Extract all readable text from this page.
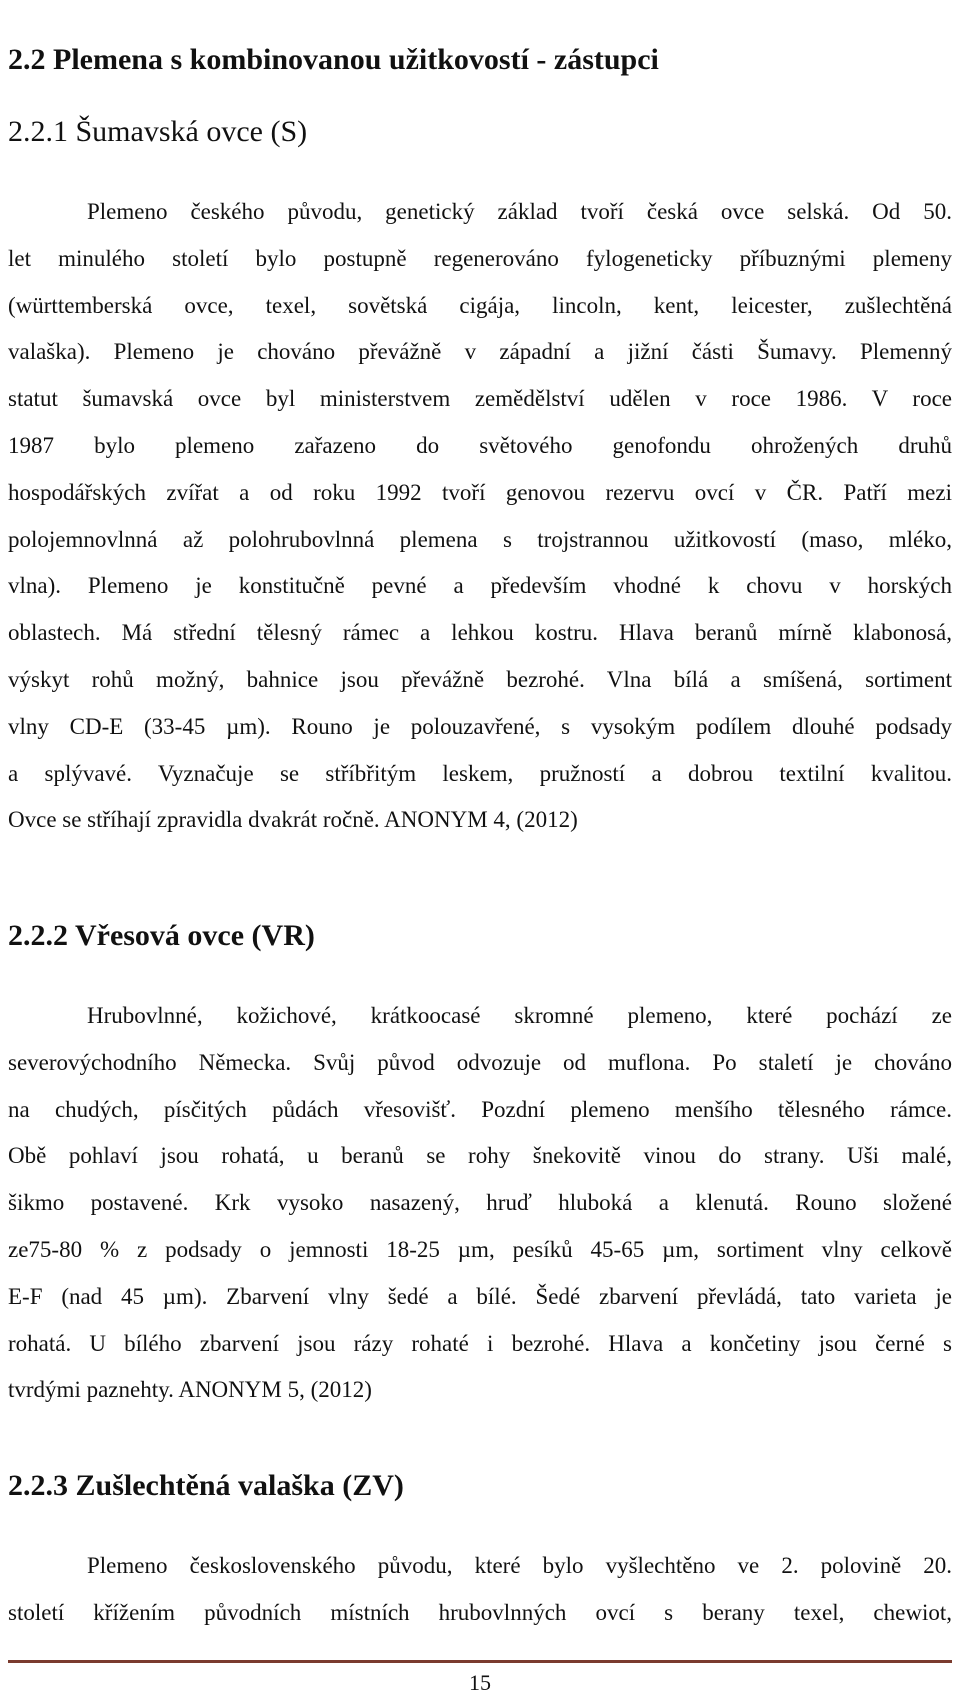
2.2 Plemena s kombinovanou užitkovostí - zástupci
2.2.1 Šumavská ovce (S)
Plemeno českého původu, genetický základ tvoří česká ovce selská. Od 50.
let minulého století bylo postupně regenerováno fylogeneticky příbuznými plemeny
(württemberská ovce, texel, sovětská cigája, lincoln, kent, leicester, zušlechtěná
valaška). Plemeno je chováno převážně v západní a jižní části Šumavy. Plemenný
statut šumavská ovce byl ministerstvem zemědělství udělen v roce 1986. V roce
1987 bylo plemeno zařazeno do světového genofondu ohrožených druhů
hospodářských zvířat a od roku 1992 tvoří genovou rezervu ovcí v ČR. Patří mezi
polojemnovlnná až polohrubovlnná plemena s trojstrannou užitkovostí (maso, mléko,
vlna). Plemeno je konstitučně pevné a především vhodné k chovu v horských
oblastech. Má střední tělesný rámec a lehkou kostru. Hlava beranů mírně klabonosá,
výskyt rohů možný, bahnice jsou převážně bezrohé. Vlna bílá a smíšená, sortiment
vlny CD-E (33-45 µm). Rouno je polouzavřené, s vysokým podílem dlouhé podsady
a splývavé. Vyznačuje se stříbřitým leskem, pružností a dobrou textilní kvalitou.
Ovce se stříhají zpravidla dvakrát ročně. ANONYM 4, (2012)
2.2.2 Vřesová ovce (VR)
Hrubovlnné, kožichové, krátkoocasé skromné plemeno, které pochází ze
severovýchodního Německa. Svůj původ odvozuje od muflona. Po staletí je chováno
na chudých, písčitých půdách vřesovišť. Pozdní plemeno menšího tělesného rámce.
Obě pohlaví jsou rohatá, u beranů se rohy šnekovitě vinou do strany. Uši malé,
šikmo postavené. Krk vysoko nasazený, hruď hluboká a klenutá. Rouno složené
ze75-80 % z podsady o jemnosti 18-25 µm, pesíků 45-65 µm, sortiment vlny celkově
E-F (nad 45 µm). Zbarvení vlny šedé a bílé. Šedé zbarvení převládá, tato varieta je
rohatá. U bílého zbarvení jsou rázy rohaté i bezrohé. Hlava a končetiny jsou černé s
tvrdými paznehty. ANONYM 5, (2012)
2.2.3 Zušlechtěná valaška (ZV)
Plemeno československého původu, které bylo vyšlechtěno ve 2. polovině 20.
století křížením původních místních hrubovlnných ovcí s berany texel, chewiot,
15
